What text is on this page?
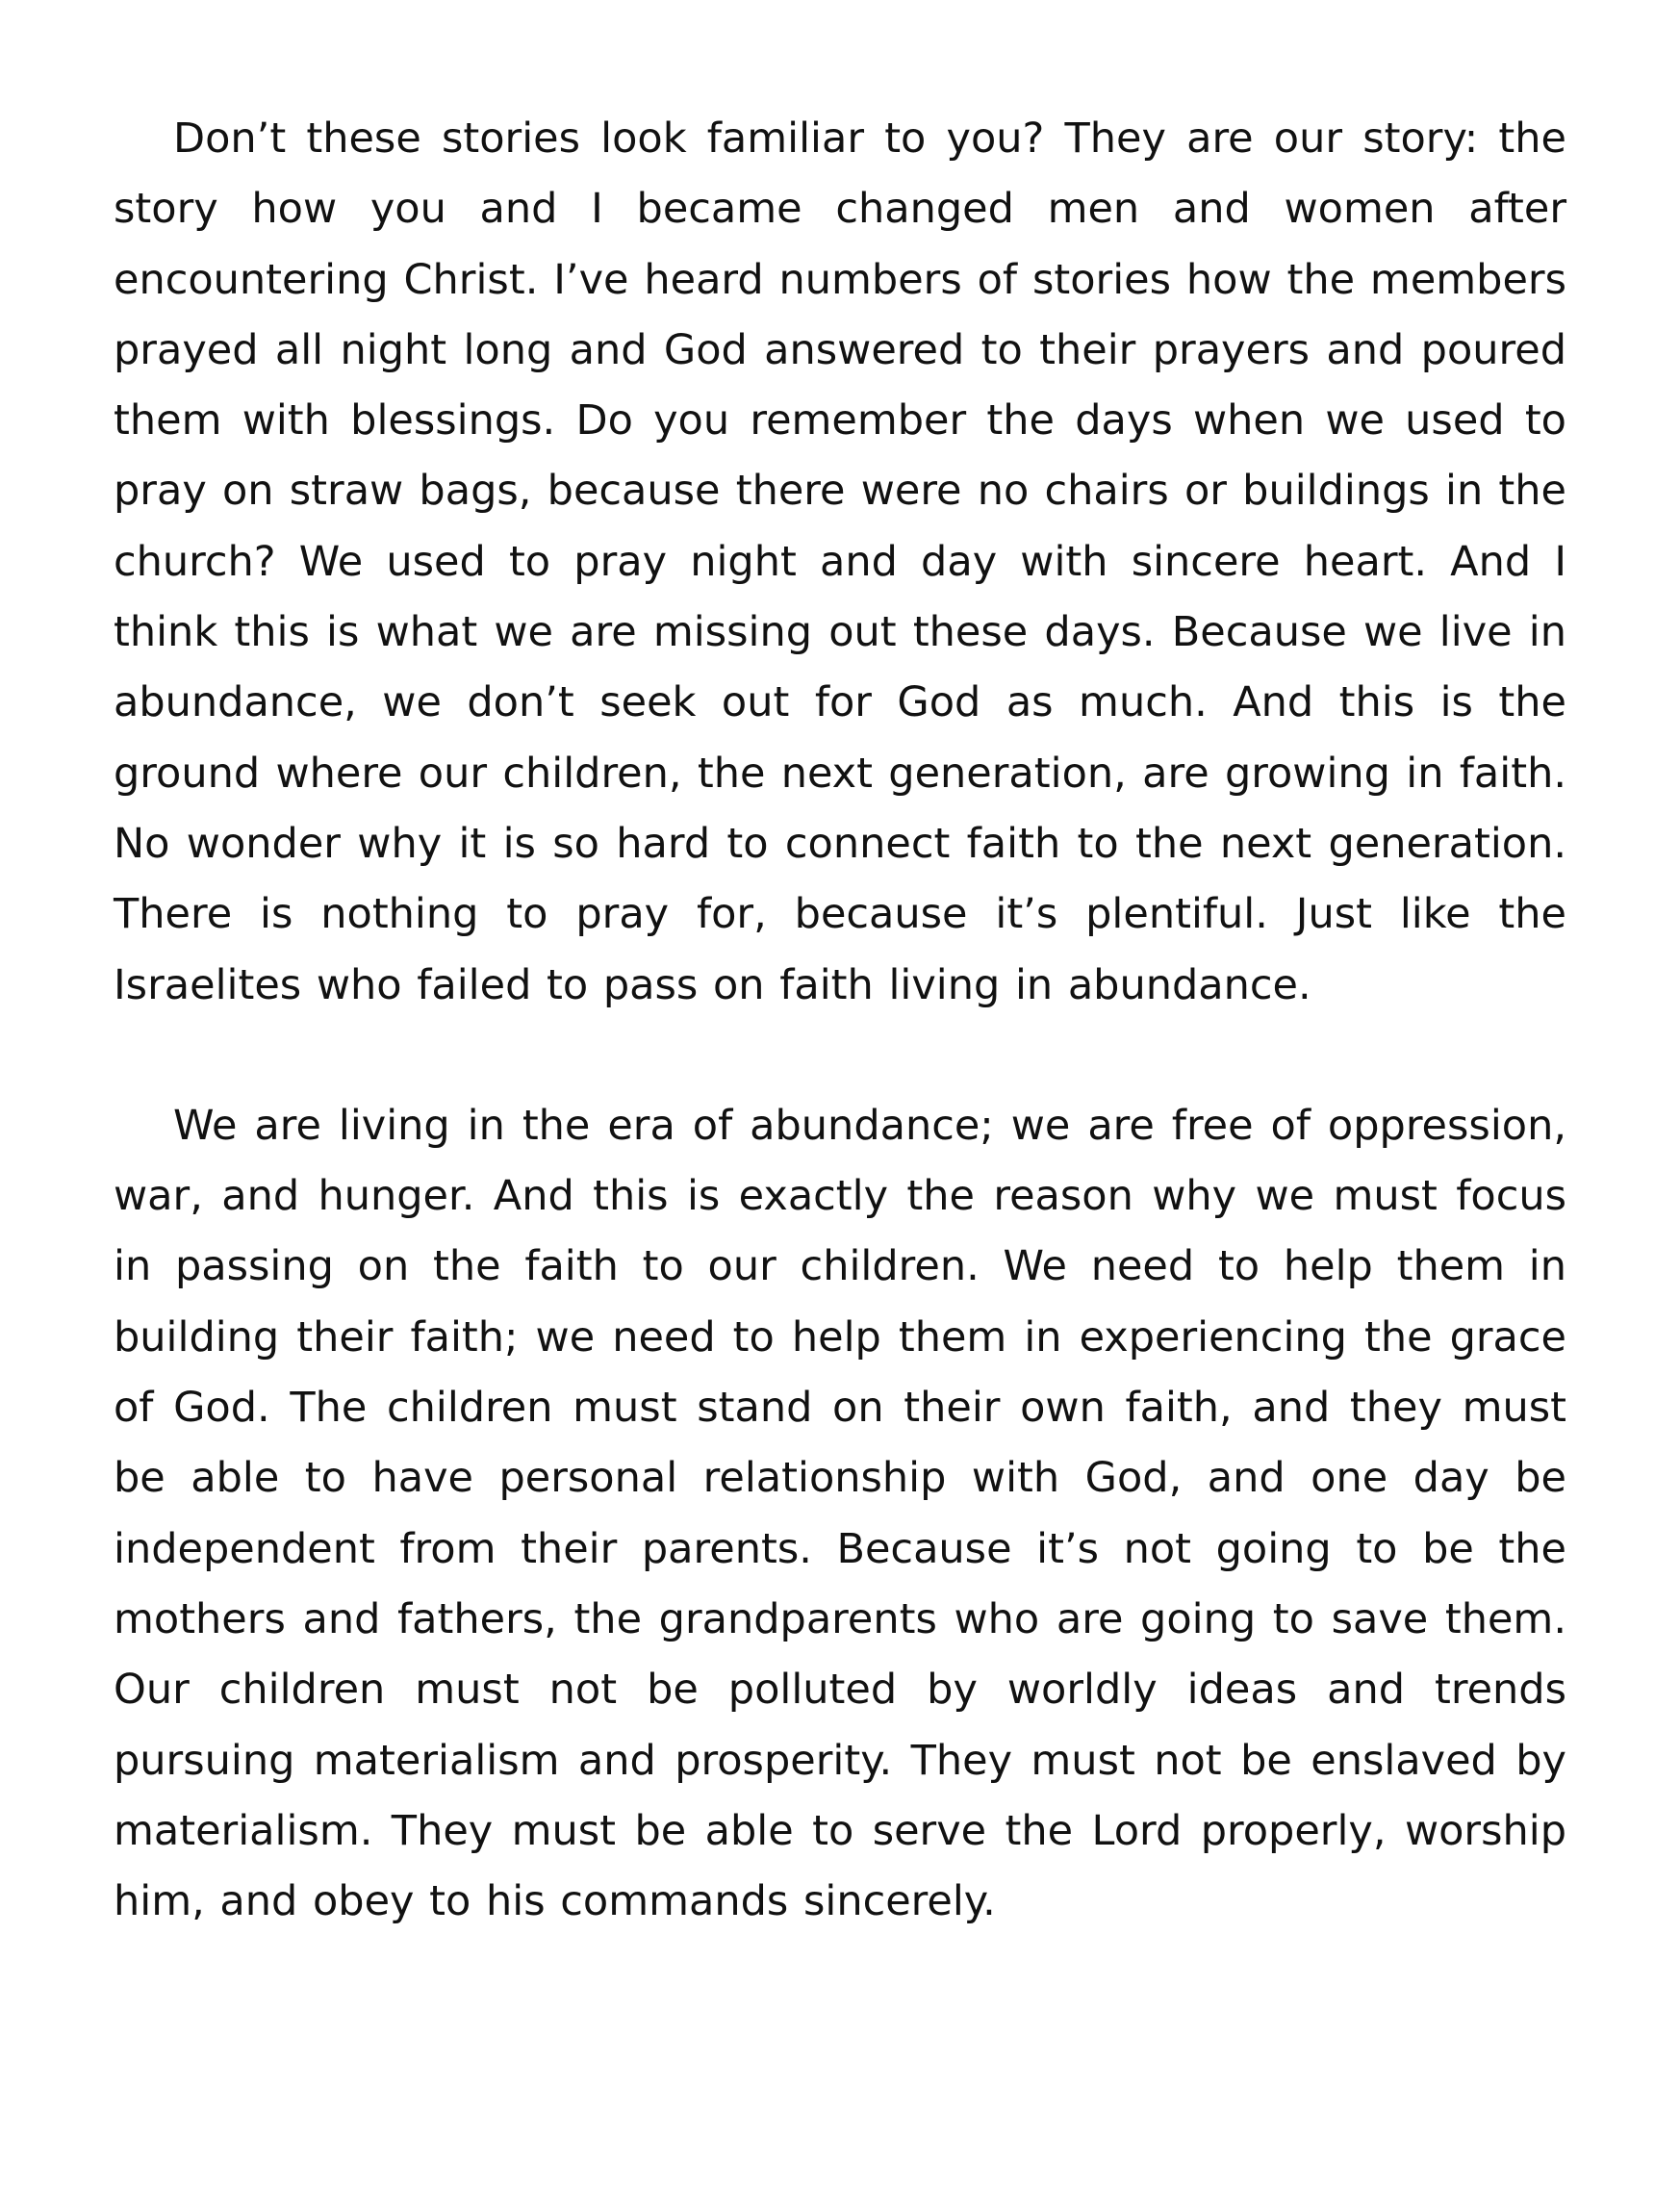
Don’t these stories look familiar to you? They are our story: the story how you and I became changed men and women after encountering Christ. I’ve heard numbers of stories how the members prayed all night long and God answered to their prayers and poured them with blessings. Do you remember the days when we used to pray on straw bags, because there were no chairs or buildings in the church? We used to pray night and day with sincere heart. And I think this is what we are missing out these days. Because we live in abundance, we don’t seek out for God as much. And this is the ground where our children, the next generation, are growing in faith. No wonder why it is so hard to connect faith to the next generation. There is nothing to pray for, because it’s plentiful. Just like the Israelites who failed to pass on faith living in abundance.

We are living in the era of abundance; we are free of oppression, war, and hunger. And this is exactly the reason why we must focus in passing on the faith to our children. We need to help them in building their faith; we need to help them in experiencing the grace of God. The children must stand on their own faith, and they must be able to have personal relationship with God, and one day be independent from their parents. Because it’s not going to be the mothers and fathers, the grandparents who are going to save them. Our children must not be polluted by worldly ideas and trends pursuing materialism and prosperity. They must not be enslaved by materialism. They must be able to serve the Lord properly, worship him, and obey to his commands sincerely.
